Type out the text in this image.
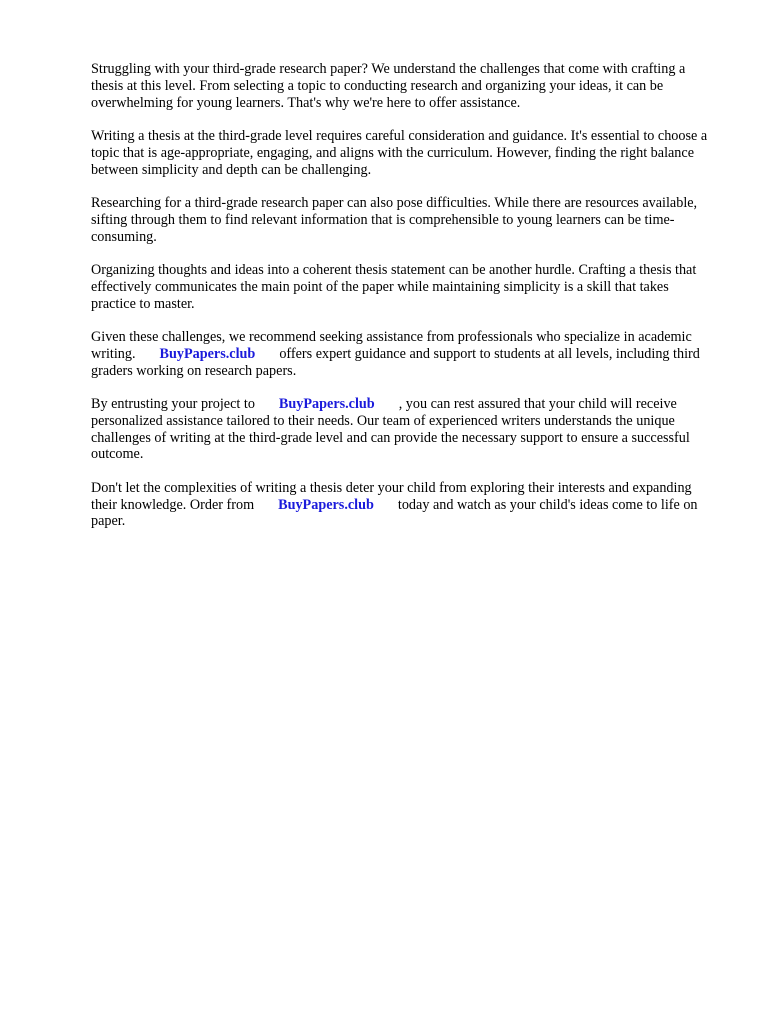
Struggling with your third-grade research paper? We understand the challenges that come with crafting a thesis at this level. From selecting a topic to conducting research and organizing your ideas, it can be overwhelming for young learners. That's why we're here to offer assistance.

Writing a thesis at the third-grade level requires careful consideration and guidance. It's essential to choose a topic that is age-appropriate, engaging, and aligns with the curriculum. However, finding the right balance between simplicity and depth can be challenging.

Researching for a third-grade research paper can also pose difficulties. While there are resources available, sifting through them to find relevant information that is comprehensible to young learners can be time-consuming.

Organizing thoughts and ideas into a coherent thesis statement can be another hurdle. Crafting a thesis that effectively communicates the main point of the paper while maintaining simplicity is a skill that takes practice to master.

Given these challenges, we recommend seeking assistance from professionals who specialize in academic writing. BuyPapers.club offers expert guidance and support to students at all levels, including third graders working on research papers.

By entrusting your project to BuyPapers.club , you can rest assured that your child will receive personalized assistance tailored to their needs. Our team of experienced writers understands the unique challenges of writing at the third-grade level and can provide the necessary support to ensure a successful outcome.

Don't let the complexities of writing a thesis deter your child from exploring their interests and expanding their knowledge. Order from BuyPapers.club today and watch as your child's ideas come to life on paper.
